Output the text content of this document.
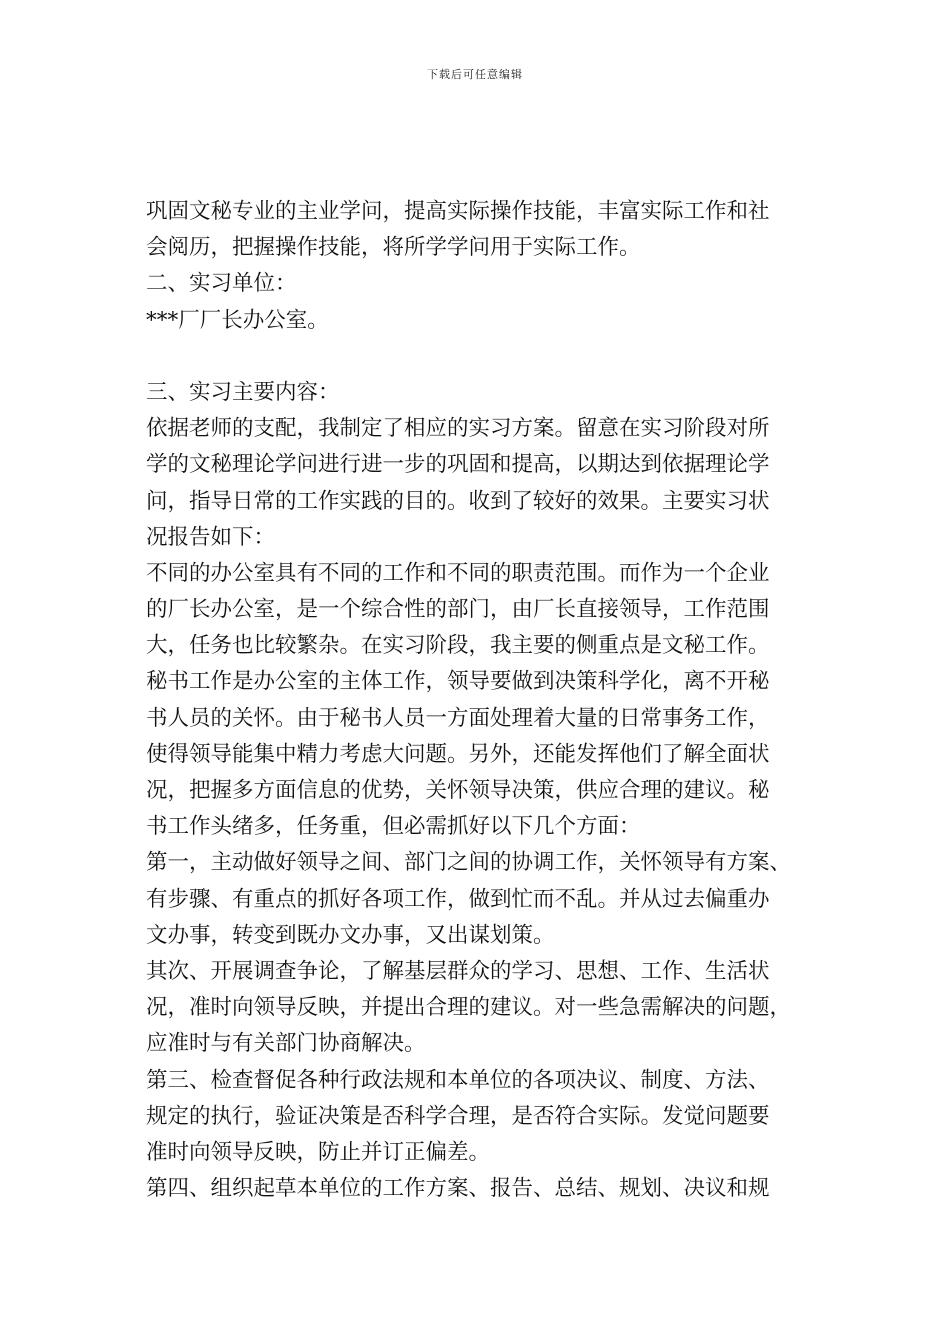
下载后可任意编辑
巩固文秘专业的主业学问，提高实际操作技能，丰富实际工作和社
会阅历，把握操作技能，将所学学问用于实际工作。
二、实习单位：
***厂厂长办公室。
三、实习主要内容：
依据老师的支配，我制定了相应的实习方案。留意在实习阶段对所
学的文秘理论学问进行进一步的巩固和提高，以期达到依据理论学
问，指导日常的工作实践的目的。收到了较好的效果。主要实习状
况报告如下：
不同的办公室具有不同的工作和不同的职责范围。而作为一个企业
的厂长办公室，是一个综合性的部门，由厂长直接领导，工作范围
大，任务也比较繁杂。在实习阶段，我主要的侧重点是文秘工作。
秘书工作是办公室的主体工作，领导要做到决策科学化，离不开秘
书人员的关怀。由于秘书人员一方面处理着大量的日常事务工作，
使得领导能集中精力考虑大问题。另外，还能发挥他们了解全面状
况，把握多方面信息的优势，关怀领导决策，供应合理的建议。秘
书工作头绪多，任务重，但必需抓好以下几个方面：
第一，主动做好领导之间、部门之间的协调工作，关怀领导有方案、
有步骤、有重点的抓好各项工作，做到忙而不乱。并从过去偏重办
文办事，转变到既办文办事，又出谋划策。
其次、开展调查争论，了解基层群众的学习、思想、工作、生活状
况，准时向领导反映，并提出合理的建议。对一些急需解决的问题，
应准时与有关部门协商解决。
第三、检查督促各种行政法规和本单位的各项决议、制度、方法、
规定的执行，验证决策是否科学合理，是否符合实际。发觉问题要
准时向领导反映，防止并订正偏差。
第四、组织起草本单位的工作方案、报告、总结、规划、决议和规
